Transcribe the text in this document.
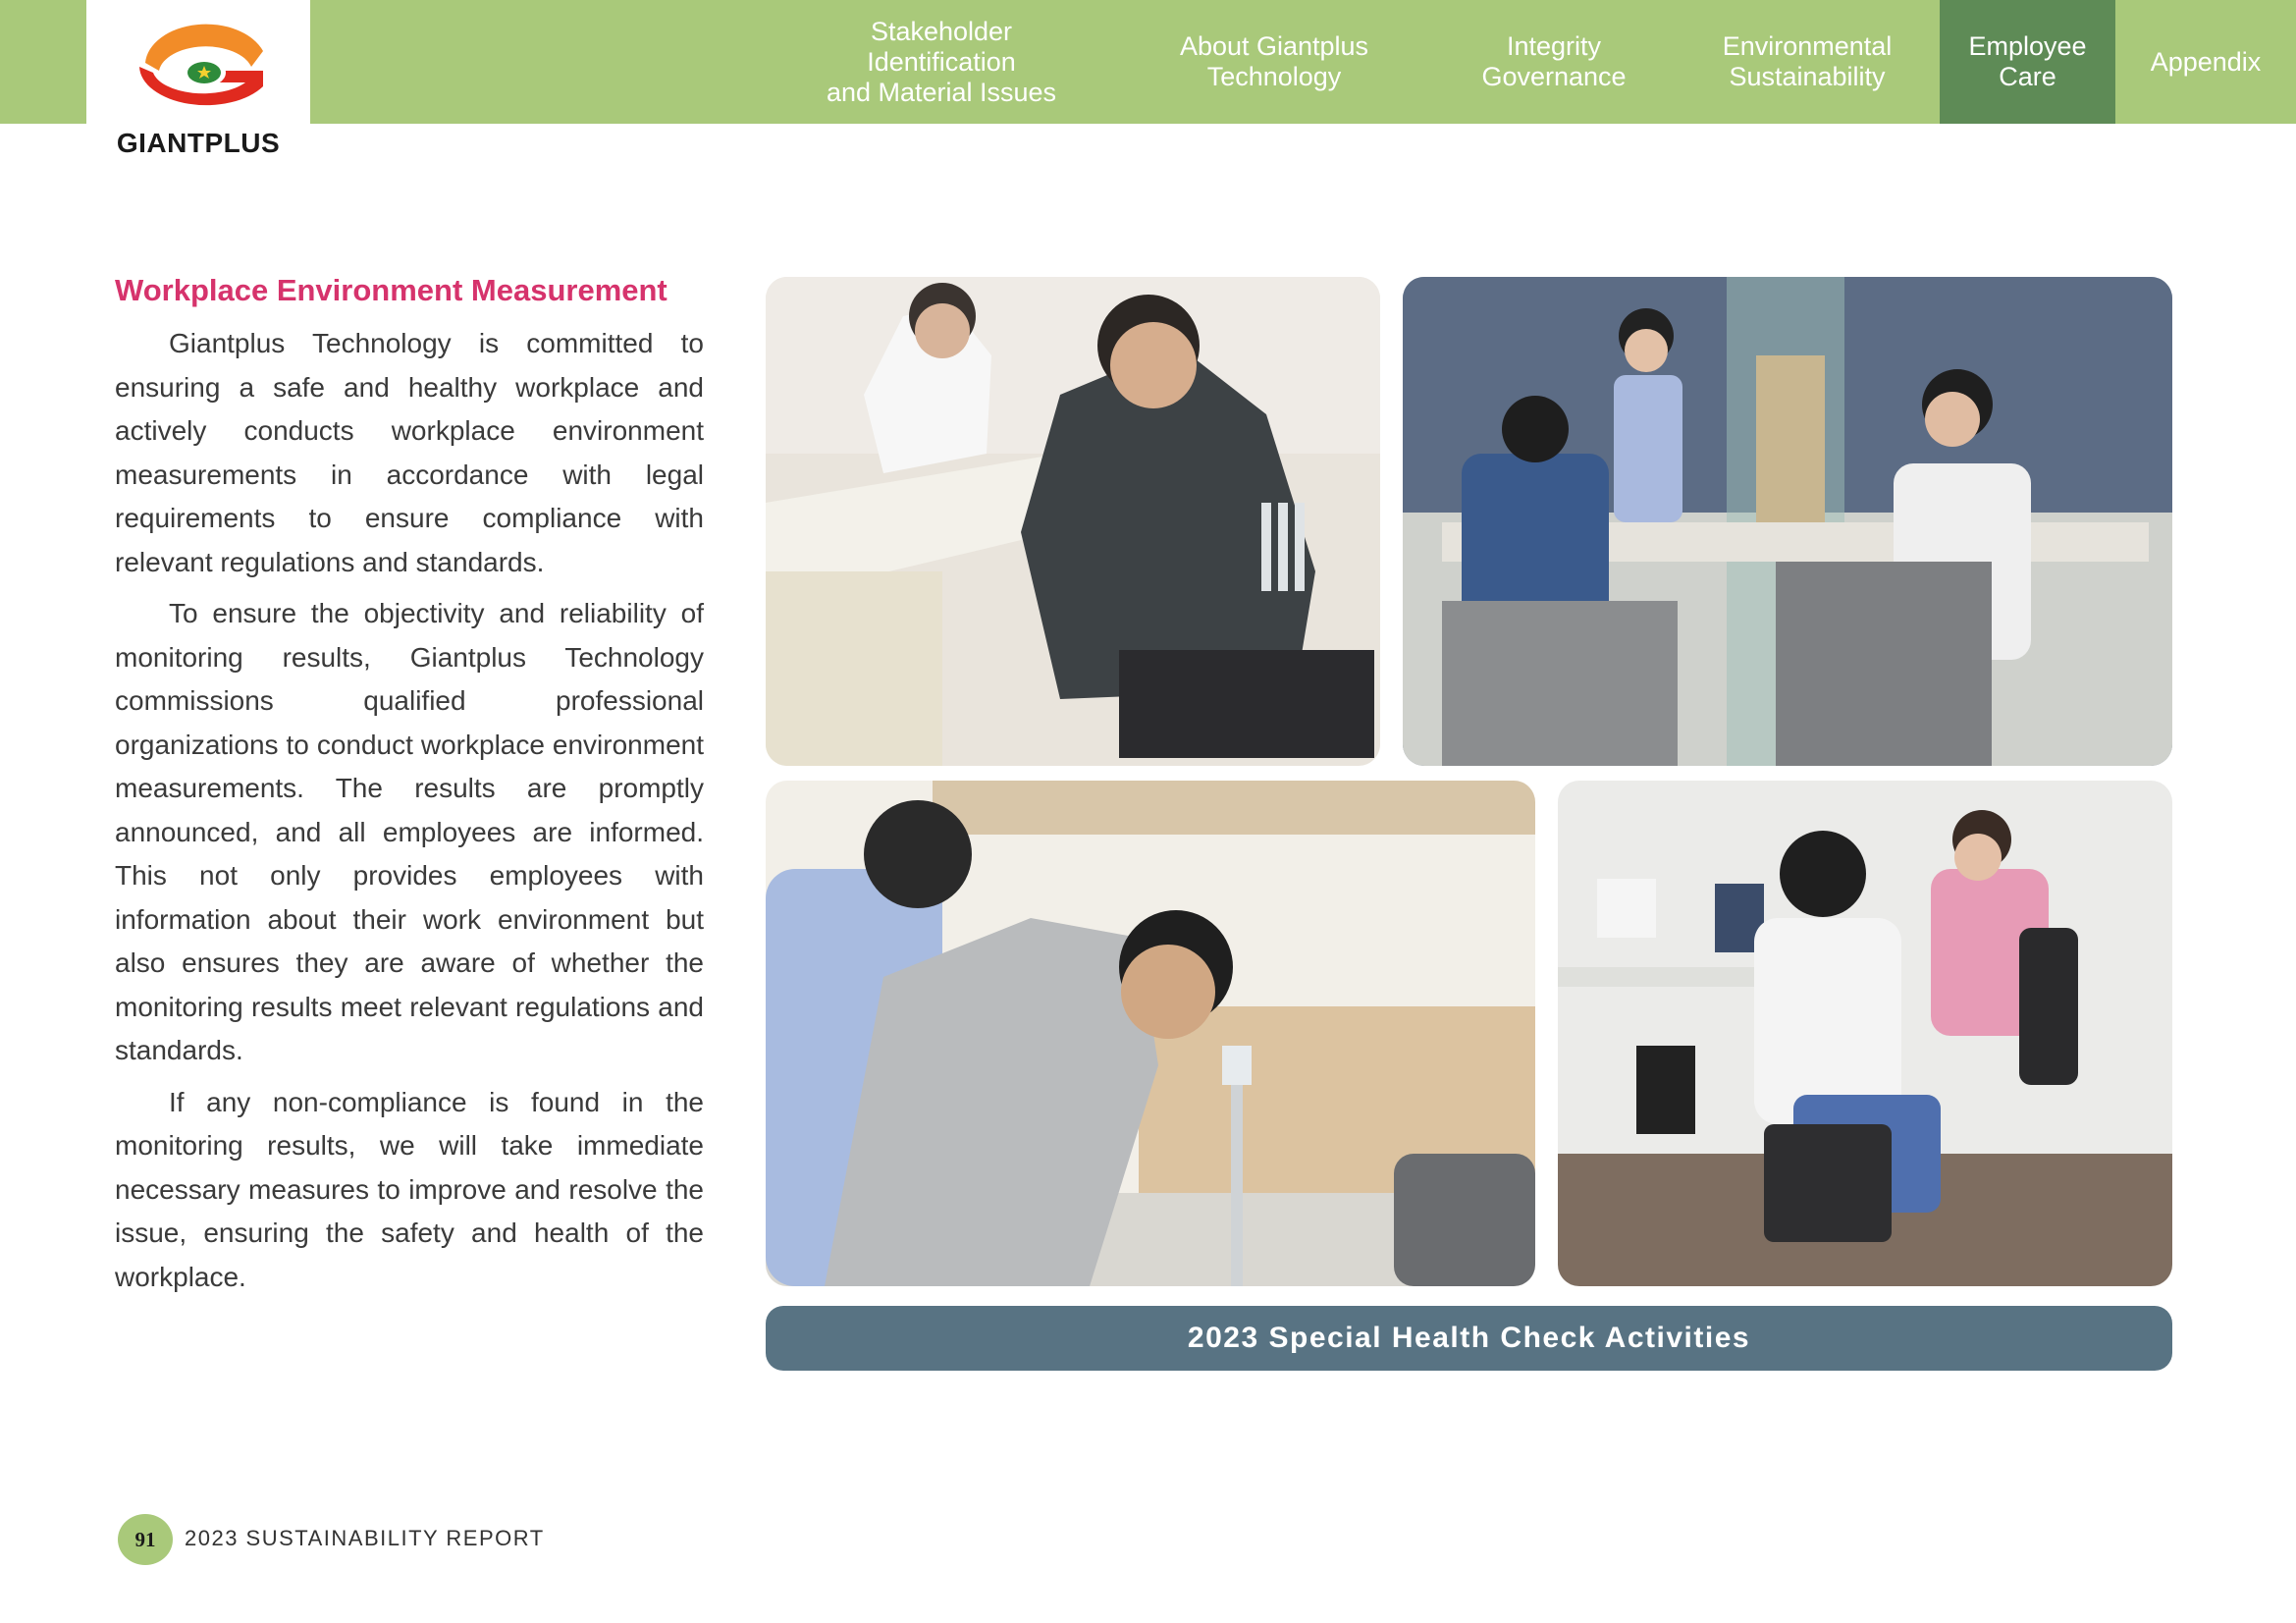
GIANTPLUS
Stakeholder Identification
and Material Issues
About Giantplus
Technology
Integrity
Governance
Environmental
Sustainability
Employee
Care
Appendix
Workplace Environment Measurement

Giantplus Technology is committed to ensuring a safe and healthy workplace and actively conducts workplace environment measurements in accordance with legal requirements to ensure compliance with relevant regulations and standards.

To ensure the objectivity and reliability of monitoring results, Giantplus Technology commissions qualified professional organizations to conduct workplace environment measurements. The results are promptly announced, and all employees are informed. This not only provides employees with information about their work environment but also ensures they are aware of whether the monitoring results meet relevant regulations and standards.

If any non-compliance is found in the monitoring results, we will take immediate necessary measures to improve and resolve the issue, ensuring the safety and health of the workplace.

2023 Special Health Check Activities
91	2023 SUSTAINABILITY REPORT
